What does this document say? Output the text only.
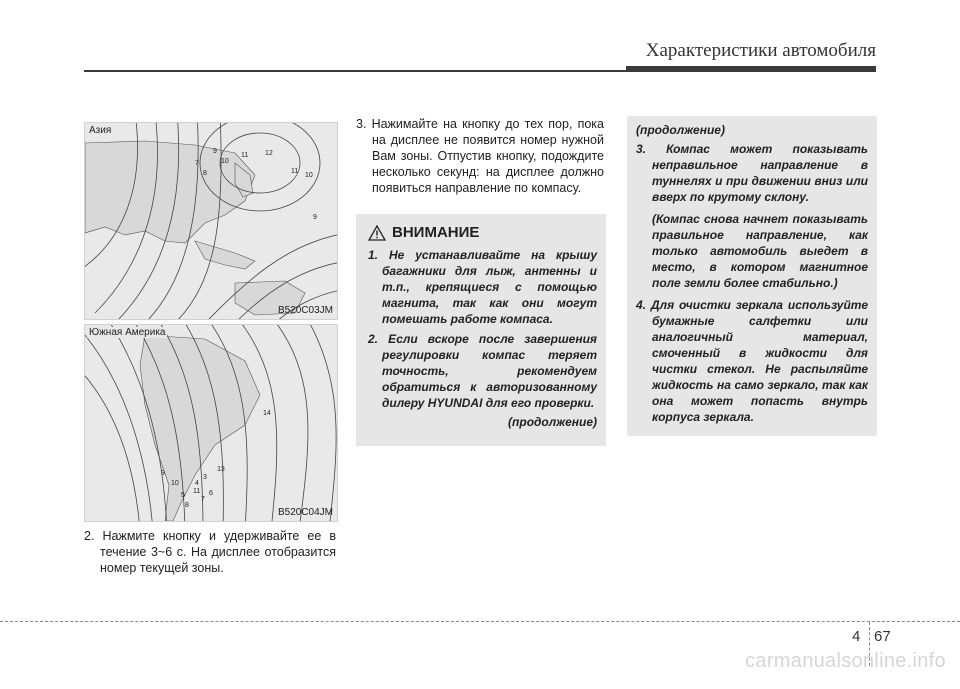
Характеристики автомобиля
7
8
9
10
11 12
11
10
9
Азия
B520C03JM
14
13
11
10
9
8
7
6
5
4
3
Южная Америка
B520C04JM
2. Нажмите кнопку и удерживайте ее в течение 3~6 с. На дисплее отобразится номер текущей зоны.
3. Нажимайте на кнопку до тех пор, пока на дисплее не появится номер нужной Вам зоны. Отпустив кнопку, подождите несколько секунд: на дисплее должно появиться направление по компасу.
ВНИМАНИЕ
1. Не устанавливайте на крышу багажники для лыж, антенны и т.п., крепящиеся с помощью магнита, так как они могут помешать работе компаса.
2. Если вскоре после завершения регулировки компас теряет точность, рекомендуем обратиться к авторизованному дилеру HYUNDAI для его проверки.
(продолжение)
(продолжение)
3. Компас может показывать неправильное направление в туннелях и при движении вниз или вверх по крутому склону.
(Компас снова начнет показывать правильное направление, как только автомобиль выедет в место, в котором магнитное поле земли более стабильно.)
4. Для очистки зеркала используйте бумажные салфетки или аналогичный материал, смоченный в жидкости для чистки стекол. Не распыляйте жидкость на само зеркало, так как она может попасть внутрь корпуса зеркала.
4 67
carmanualsonline.info
